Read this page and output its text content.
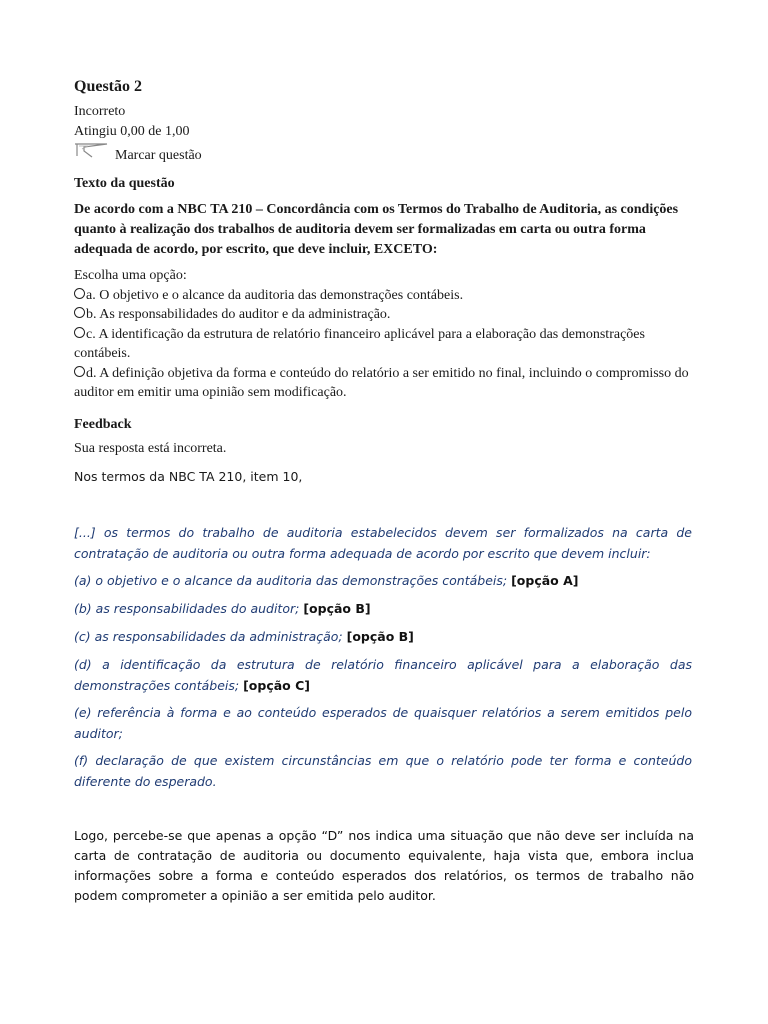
Questão 2
Incorreto
Atingiu 0,00 de 1,00
Marcar questão
Texto da questão
De acordo com a NBC TA 210 – Concordância com os Termos do Trabalho de Auditoria, as condições quanto à realização dos trabalhos de auditoria devem ser formalizadas em carta ou outra forma adequada de acordo, por escrito, que deve incluir, EXCETO:
Escolha uma opção:
a. O objetivo e o alcance da auditoria das demonstrações contábeis.
b. As responsabilidades do auditor e da administração.
c. A identificação da estrutura de relatório financeiro aplicável para a elaboração das demonstrações contábeis.
d. A definição objetiva da forma e conteúdo do relatório a ser emitido no final, incluindo o compromisso do auditor em emitir uma opinião sem modificação.
Feedback
Sua resposta está incorreta.
Nos termos da NBC TA 210, item 10,
[...] os termos do trabalho de auditoria estabelecidos devem ser formalizados na carta de contratação de auditoria ou outra forma adequada de acordo por escrito que devem incluir:
(a) o objetivo e o alcance da auditoria das demonstrações contábeis; [opção A]
(b) as responsabilidades do auditor; [opção B]
(c) as responsabilidades da administração; [opção B]
(d) a identificação da estrutura de relatório financeiro aplicável para a elaboração das demonstrações contábeis; [opção C]
(e) referência à forma e ao conteúdo esperados de quaisquer relatórios a serem emitidos pelo auditor;
(f) declaração de que existem circunstâncias em que o relatório pode ter forma e conteúdo diferente do esperado.
Logo, percebe-se que apenas a opção “D” nos indica uma situação que não deve ser incluída na carta de contratação de auditoria ou documento equivalente, haja vista que, embora inclua informações sobre a forma e conteúdo esperados dos relatórios, os termos de trabalho não podem comprometer a opinião a ser emitida pelo auditor.
